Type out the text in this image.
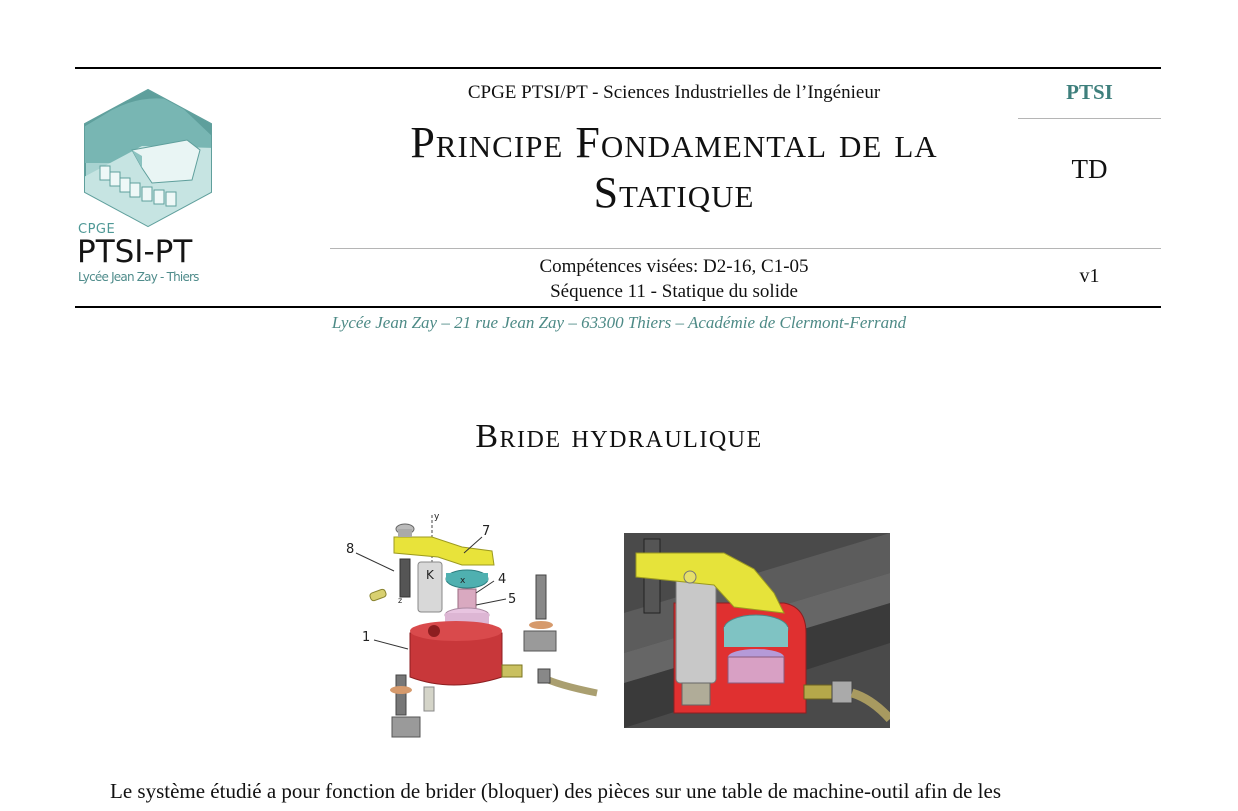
CPGE
PTSI-PT
Lycée Jean Zay - Thiers
CPGE PTSI/PT - Sciences Industrielles de l’Ingénieur
Principe Fondamental de la
Statique
Compétences visées: D2-16, C1-05
Séquence 11 - Statique du solide
PTSI
TD
v1
Lycée Jean Zay – 21 rue Jean Zay – 63300 Thiers – Académie de Clermont-Ferrand
Bride hydraulique
8
7
4
5
1
y
x
z
K
Le système étudié a pour fonction de brider (bloquer) des pièces sur une table de machine-outil afin de les
